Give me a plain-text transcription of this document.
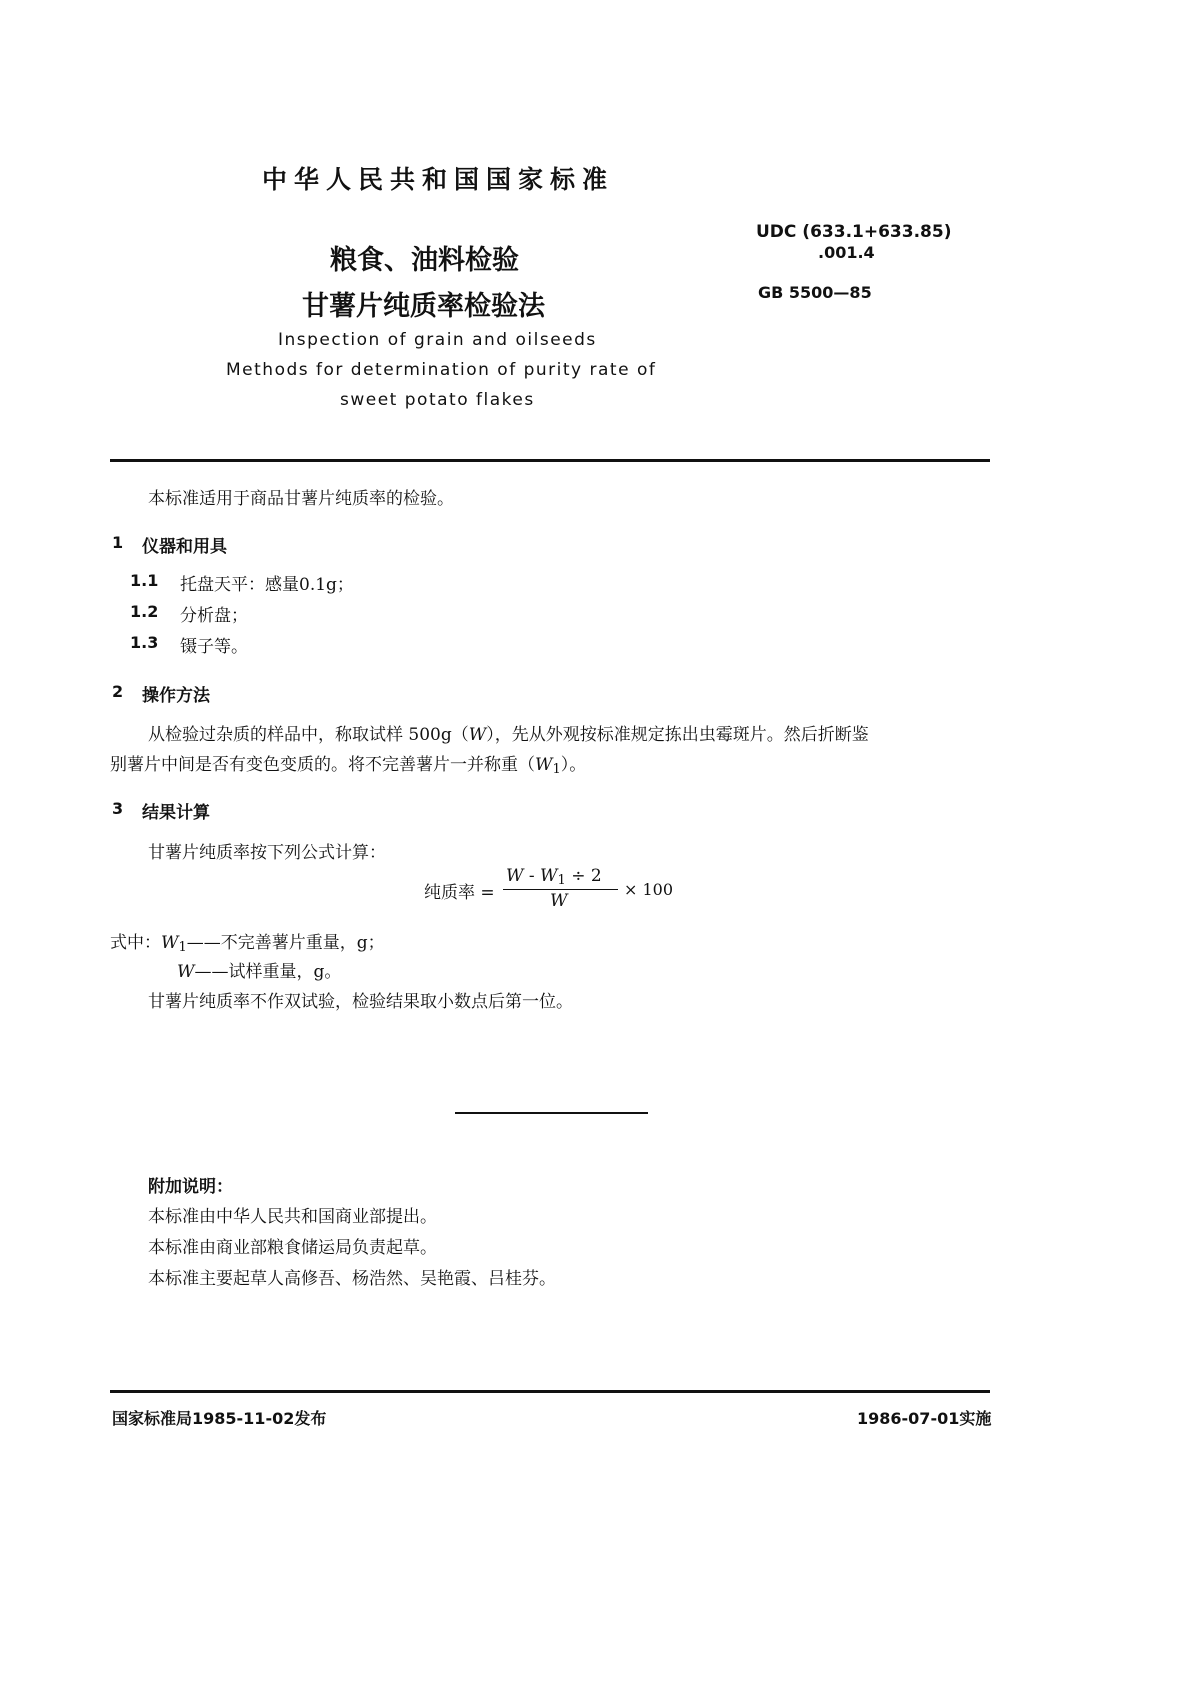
中华人民共和国国家标准
粮食、油料检验
甘薯片纯质率检验法
UDC (633.1+633.85)
.001.4
GB 5500—85
Inspection of grain and oilseeds
Methods for determination of purity rate of
sweet potato flakes
本标准适用于商品甘薯片纯质率的检验。
1 仪器和用具
1.1 托盘天平：感量0.1g；
1.2 分析盘；
1.3 镊子等。
2 操作方法
从检验过杂质的样品中，称取试样 500g（W），先从外观按标准规定拣出虫霉斑片。然后折断鉴
别薯片中间是否有变色变质的。将不完善薯片一并称重$(W_1)$。
3 结果计算
甘薯片纯质率按下列公式计算：
纯质率 =
$W - W_1 \div 2$
W
× 100
式中：$W_1——$不完善薯片重量，g；
W——试样重量，g。
甘薯片纯质率不作双试验，检验结果取小数点后第一位。
附加说明：
本标准由中华人民共和国商业部提出。
本标准由商业部粮食储运局负责起草。
本标准主要起草人高修吾、杨浩然、吴艳霞、吕桂芬。
国家标准局1985-11-02发布	1986-07-01实施
